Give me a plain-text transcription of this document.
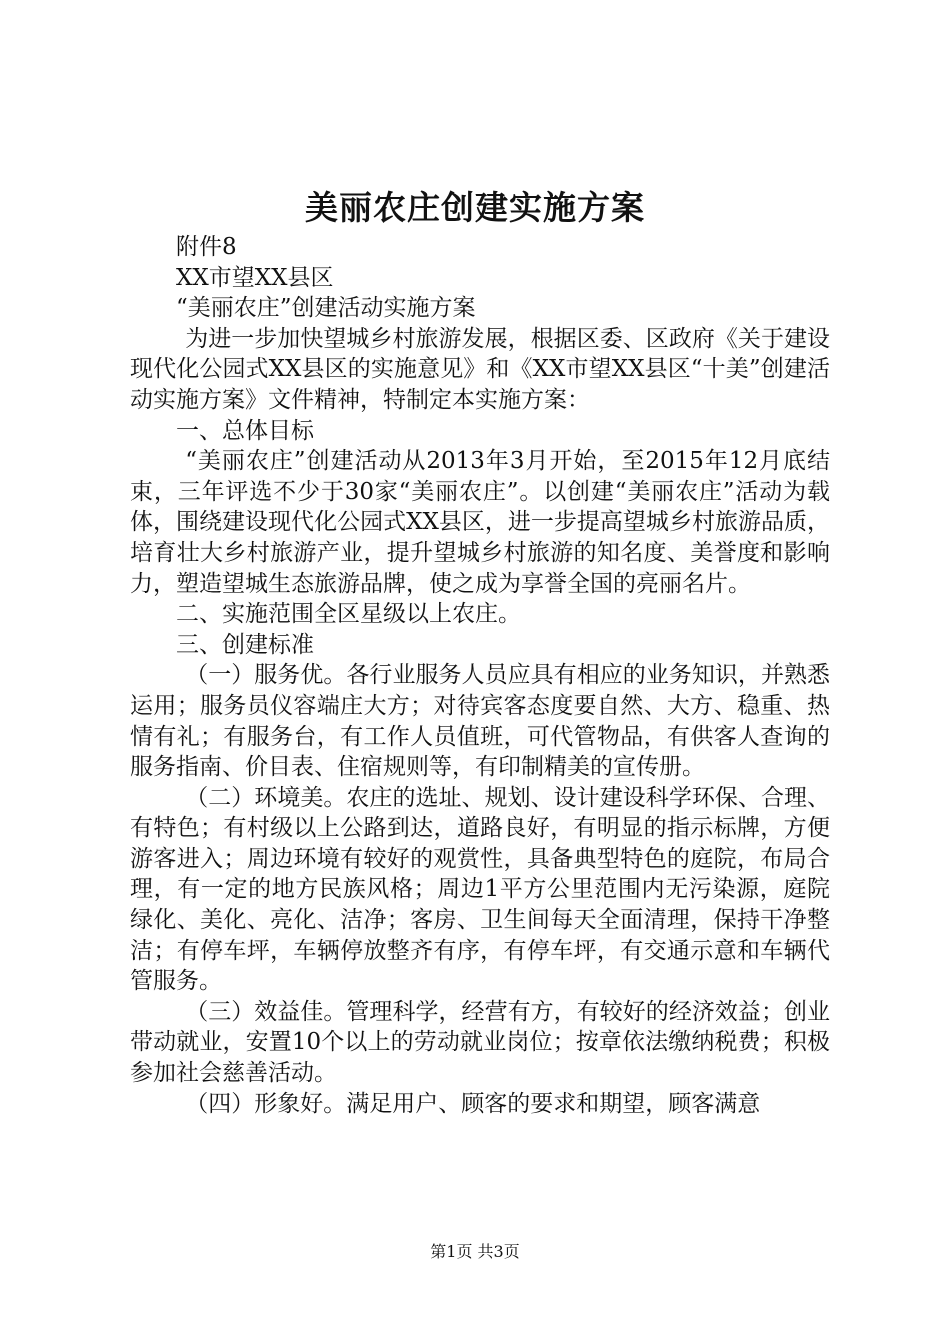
美丽农庄创建实施方案

附件8

XX市望XX县区

“美丽农庄”创建活动实施方案

为进一步加快望城乡村旅游发展，根据区委、区政府《关于建设现代化公园式XX县区的实施意见》和《XX市望XX县区“十美”创建活动实施方案》文件精神，特制定本实施方案：

一、总体目标

“美丽农庄”创建活动从2013年3月开始，至2015年12月底结束，三年评选不少于30家“美丽农庄”。以创建“美丽农庄”活动为载体，围绕建设现代化公园式XX县区，进一步提高望城乡村旅游品质，培育壮大乡村旅游产业，提升望城乡村旅游的知名度、美誉度和影响力，塑造望城生态旅游品牌，使之成为享誉全国的亮丽名片。

二、实施范围全区星级以上农庄。

三、创建标准

（一）服务优。各行业服务人员应具有相应的业务知识，并熟悉运用；服务员仪容端庄大方；对待宾客态度要自然、大方、稳重、热情有礼；有服务台，有工作人员值班，可代管物品，有供客人查询的服务指南、价目表、住宿规则等，有印制精美的宣传册。

（二）环境美。农庄的选址、规划、设计建设科学环保、合理、有特色；有村级以上公路到达，道路良好，有明显的指示标牌，方便游客进入；周边环境有较好的观赏性，具备典型特色的庭院，布局合理，有一定的地方民族风格；周边1平方公里范围内无污染源，庭院绿化、美化、亮化、洁净；客房、卫生间每天全面清理，保持干净整洁；有停车坪，车辆停放整齐有序，有停车坪，有交通示意和车辆代管服务。

（三）效益佳。管理科学，经营有方，有较好的经济效益；创业带动就业，安置10个以上的劳动就业岗位；按章依法缴纳税费；积极参加社会慈善活动。

（四）形象好。满足用户、顾客的要求和期望，顾客满意

第1页 共3页
